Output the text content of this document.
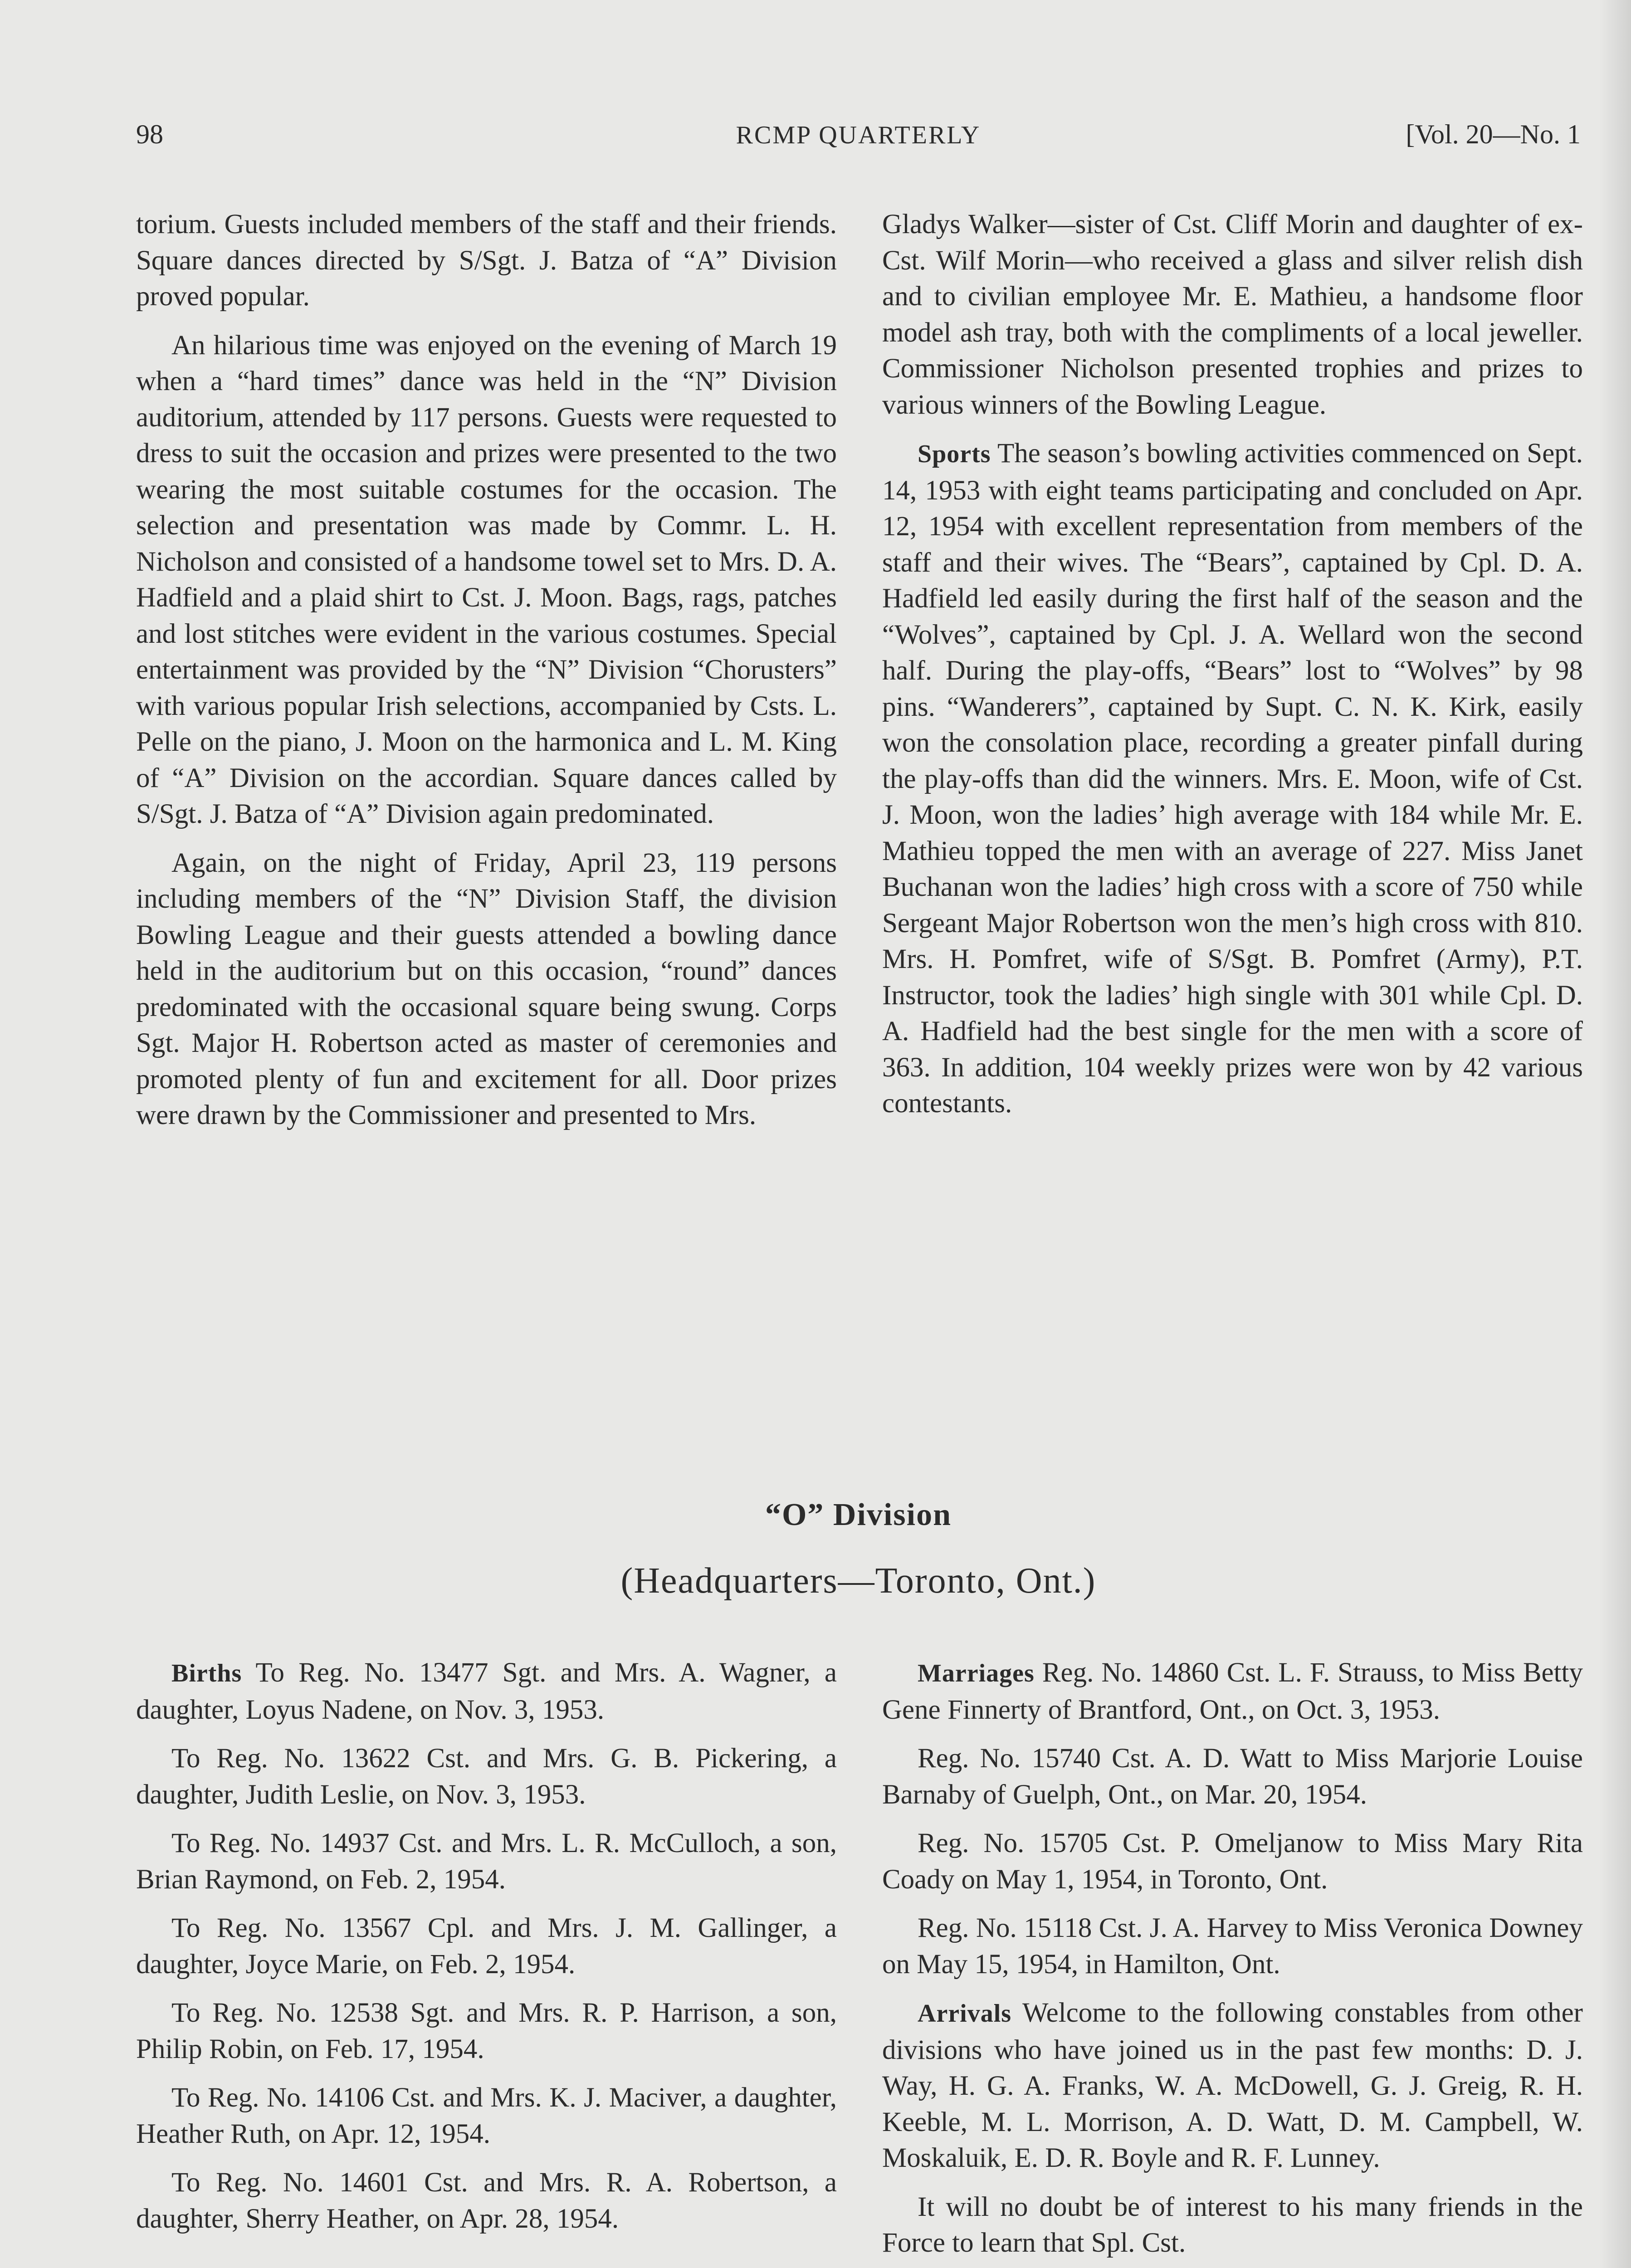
98	RCMP QUARTERLY	[Vol. 20—No. 1

torium. Guests included members of the staff and their friends. Square dances directed by S/Sgt. J. Batza of “A” Division proved popular.

An hilarious time was enjoyed on the evening of March 19 when a “hard times” dance was held in the “N” Division auditorium, attended by 117 persons. Guests were requested to dress to suit the occasion and prizes were presented to the two wearing the most suitable costumes for the occasion. The selection and presentation was made by Commr. L. H. Nicholson and consisted of a handsome towel set to Mrs. D. A. Hadfield and a plaid shirt to Cst. J. Moon. Bags, rags, patches and lost stitches were evident in the various costumes. Special entertainment was provided by the “N” Division “Chorusters” with various popular Irish selections, accompanied by Csts. L. Pelle on the piano, J. Moon on the harmonica and L. M. King of “A” Division on the accordian. Square dances called by S/Sgt. J. Batza of “A” Division again predominated.

Again, on the night of Friday, April 23, 119 persons including members of the “N” Division Staff, the division Bowling League and their guests attended a bowling dance held in the auditorium but on this occasion, “round” dances predominated with the occasional square being swung. Corps Sgt. Major H. Robertson acted as master of ceremonies and promoted plenty of fun and excitement for all. Door prizes were drawn by the Commissioner and presented to Mrs.

Gladys Walker—sister of Cst. Cliff Morin and daughter of ex-Cst. Wilf Morin—who received a glass and silver relish dish and to civilian employee Mr. E. Mathieu, a handsome floor model ash tray, both with the compliments of a local jeweller. Commissioner Nicholson presented trophies and prizes to various winners of the Bowling League.

Sports The season’s bowling activities commenced on Sept. 14, 1953 with eight teams participating and concluded on Apr. 12, 1954 with excellent representation from members of the staff and their wives. The “Bears”, captained by Cpl. D. A. Hadfield led easily during the first half of the season and the “Wolves”, captained by Cpl. J. A. Wellard won the second half. During the play-offs, “Bears” lost to “Wolves” by 98 pins. “Wanderers”, captained by Supt. C. N. K. Kirk, easily won the consolation place, recording a greater pinfall during the play-offs than did the winners. Mrs. E. Moon, wife of Cst. J. Moon, won the ladies’ high average with 184 while Mr. E. Mathieu topped the men with an average of 227. Miss Janet Buchanan won the ladies’ high cross with a score of 750 while Sergeant Major Robertson won the men’s high cross with 810. Mrs. H. Pomfret, wife of S/Sgt. B. Pomfret (Army), P.T. Instructor, took the ladies’ high single with 301 while Cpl. D. A. Hadfield had the best single for the men with a score of 363. In addition, 104 weekly prizes were won by 42 various contestants.

“O” Division
(Headquarters—Toronto, Ont.)

Births To Reg. No. 13477 Sgt. and Mrs. A. Wagner, a daughter, Loyus Nadene, on Nov. 3, 1953.

To Reg. No. 13622 Cst. and Mrs. G. B. Pickering, a daughter, Judith Leslie, on Nov. 3, 1953.

To Reg. No. 14937 Cst. and Mrs. L. R. McCulloch, a son, Brian Raymond, on Feb. 2, 1954.

To Reg. No. 13567 Cpl. and Mrs. J. M. Gallinger, a daughter, Joyce Marie, on Feb. 2, 1954.

To Reg. No. 12538 Sgt. and Mrs. R. P. Harrison, a son, Philip Robin, on Feb. 17, 1954.

To Reg. No. 14106 Cst. and Mrs. K. J. Maciver, a daughter, Heather Ruth, on Apr. 12, 1954.

To Reg. No. 14601 Cst. and Mrs. R. A. Robertson, a daughter, Sherry Heather, on Apr. 28, 1954.

Marriages Reg. No. 14860 Cst. L. F. Strauss, to Miss Betty Gene Finnerty of Brantford, Ont., on Oct. 3, 1953.

Reg. No. 15740 Cst. A. D. Watt to Miss Marjorie Louise Barnaby of Guelph, Ont., on Mar. 20, 1954.

Reg. No. 15705 Cst. P. Omeljanow to Miss Mary Rita Coady on May 1, 1954, in Toronto, Ont.

Reg. No. 15118 Cst. J. A. Harvey to Miss Veronica Downey on May 15, 1954, in Hamilton, Ont.

Arrivals Welcome to the following constables from other divisions who have joined us in the past few months: D. J. Way, H. G. A. Franks, W. A. McDowell, G. J. Greig, R. H. Keeble, M. L. Morrison, A. D. Watt, D. M. Campbell, W. Moskaluik, E. D. R. Boyle and R. F. Lunney.

It will no doubt be of interest to his many friends in the Force to learn that Spl. Cst.
